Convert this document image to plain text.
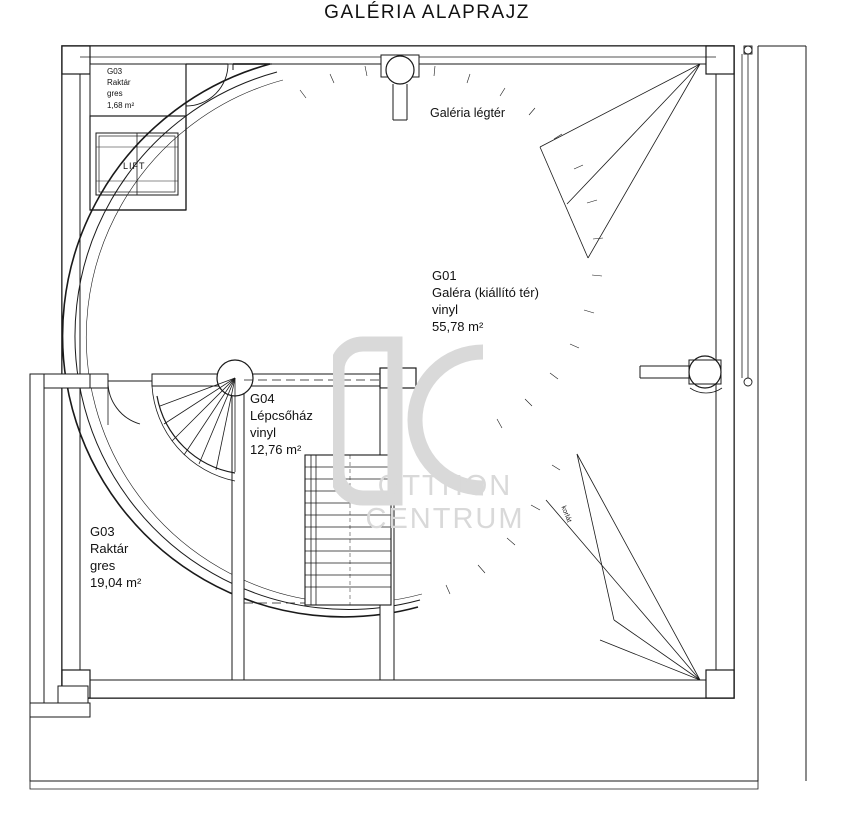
GALÉRIA ALAPRAJZ
OTTHON
CENTRUM
G03
Raktár
gres
1,68 m²
LIFT
Galéria légtér
G01
Galéra (kiállító tér)
vinyl
55,78 m²
G04
Lépcsőház
vinyl
12,76 m²
G03
Raktár
gres
19,04 m²
korlát
